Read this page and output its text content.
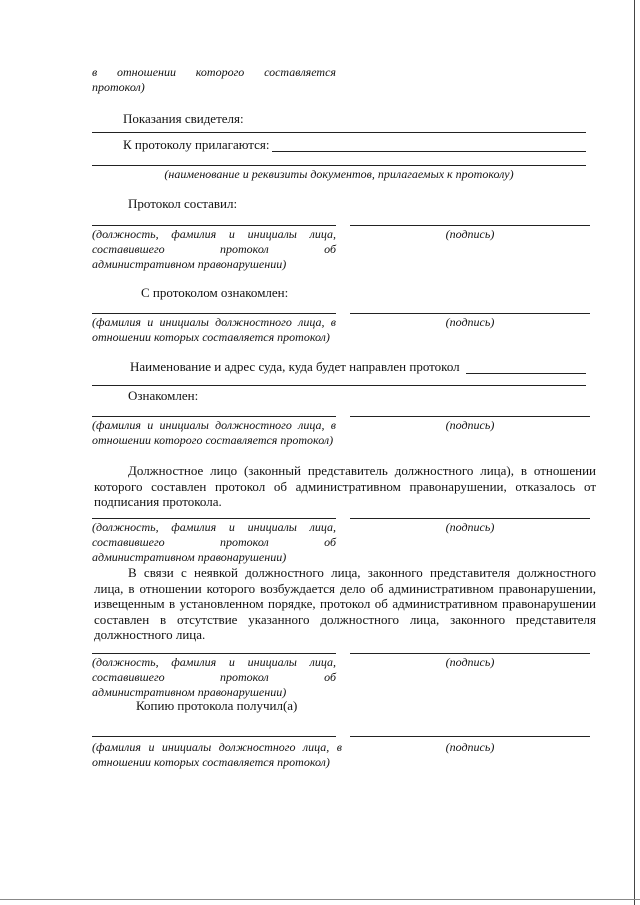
в отношении которого составляется протокол)
Показания свидетеля:
К протоколу прилагаются:
(наименование и реквизиты документов, прилагаемых к протоколу)
Протокол составил:
(должность, фамилия и инициалы лица, составившего протокол об административном правонарушении)
(подпись)
С протоколом ознакомлен:
(фамилия и инициалы должностного лица, в отношении которых составляется протокол)
(подпись)
Наименование и адрес суда, куда будет направлен протокол
Ознакомлен:
(фамилия и инициалы должностного лица, в отношении которого составляется протокол)
(подпись)
Должностное лицо (законный представитель должностного лица), в отношении которого составлен протокол об административном правонарушении, отказалось от подписания протокола.
(должность, фамилия и инициалы лица, составившего протокол об административном правонарушении)
(подпись)
В связи с неявкой должностного лица, законного представителя должностного лица, в отношении которого возбуждается дело об административном правонарушении, извещенным в установленном порядке, протокол об административном правонарушении составлен в отсутствие указанного должностного лица, законного представителя должностного лица.
(должность, фамилия и инициалы лица, составившего протокол об административном правонарушении)
(подпись)
Копию протокола получил(а)
(фамилия и инициалы должностного лица, в отношении которых составляется протокол)
(подпись)
